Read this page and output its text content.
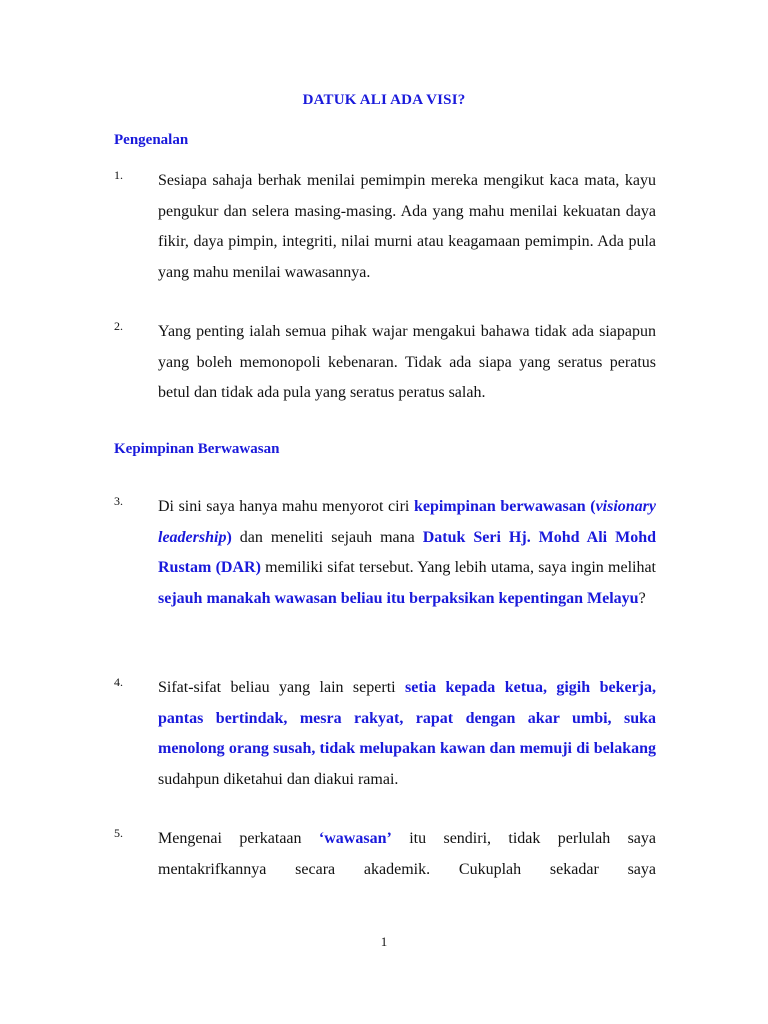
DATUK ALI ADA VISI?
Pengenalan
1. Sesiapa sahaja berhak menilai pemimpin mereka mengikut kaca mata, kayu pengukur dan selera masing-masing. Ada yang mahu menilai kekuatan daya fikir, daya pimpin, integriti, nilai murni atau keagamaan pemimpin. Ada pula yang mahu menilai wawasannya.
2. Yang penting ialah semua pihak wajar mengakui bahawa tidak ada siapapun yang boleh memonopoli kebenaran. Tidak ada siapa yang seratus peratus betul dan tidak ada pula yang seratus peratus salah.
Kepimpinan Berwawasan
3. Di sini saya hanya mahu menyorot ciri kepimpinan berwawasan (visionary leadership) dan meneliti sejauh mana Datuk Seri Hj. Mohd Ali Mohd Rustam (DAR) memiliki sifat tersebut. Yang lebih utama, saya ingin melihat sejauh manakah wawasan beliau itu berpaksikan kepentingan Melayu?
4. Sifat-sifat beliau yang lain seperti setia kepada ketua, gigih bekerja, pantas bertindak, mesra rakyat, rapat dengan akar umbi, suka menolong orang susah, tidak melupakan kawan dan memuji di belakang sudahpun diketahui dan diakui ramai.
5. Mengenai perkataan ‘wawasan’ itu sendiri, tidak perlulah saya mentakrifkannya secara akademik. Cukuplah sekadar saya
1
